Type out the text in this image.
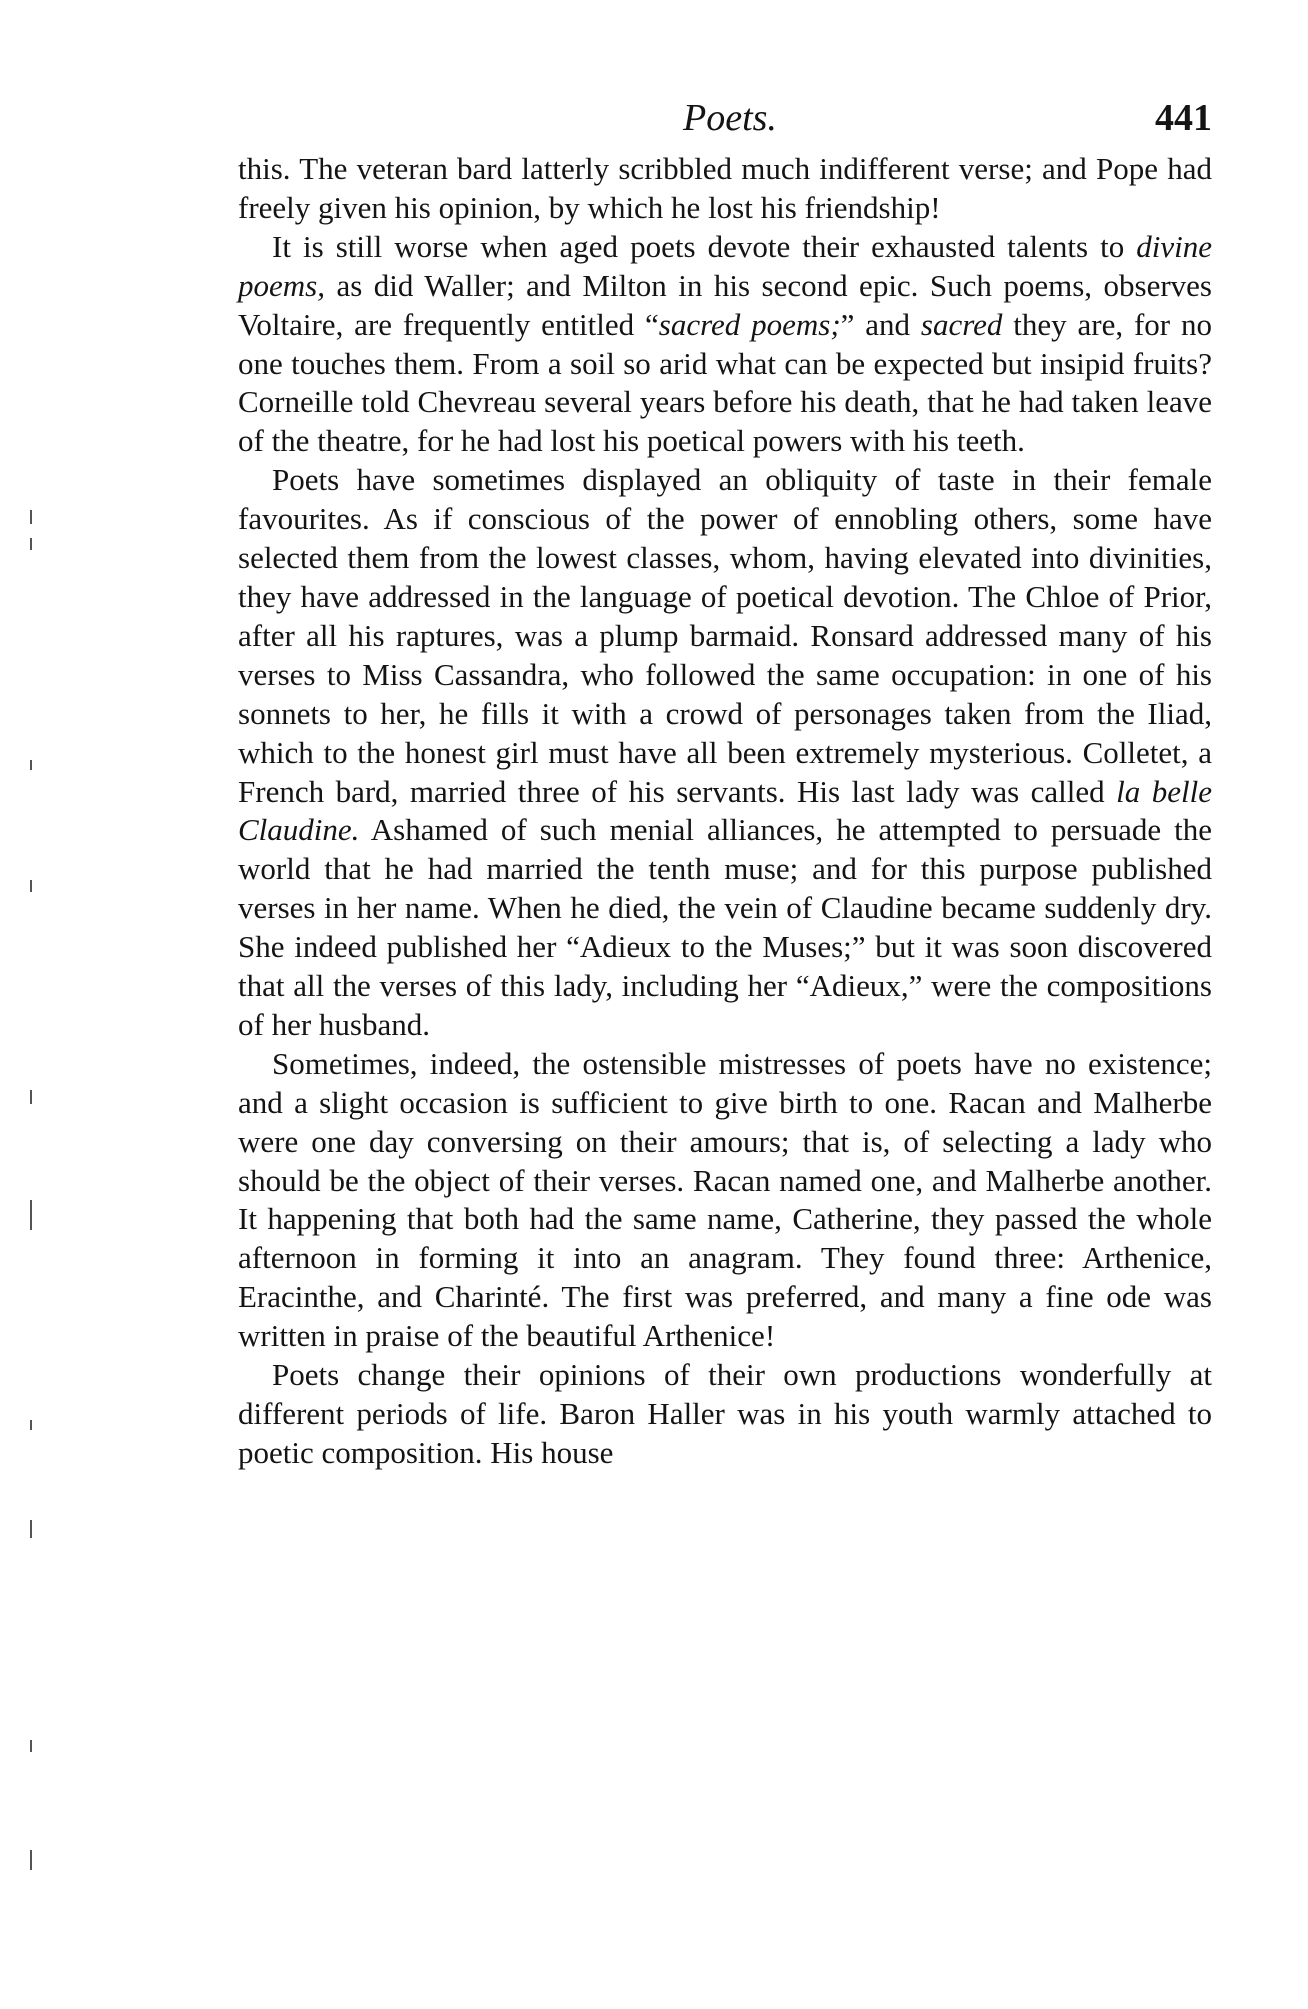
Poets.	441

this. The veteran bard latterly scribbled much indifferent verse; and Pope had freely given his opinion, by which he lost his friendship!

It is still worse when aged poets devote their exhausted talents to divine poems, as did Waller; and Milton in his second epic. Such poems, observes Voltaire, are frequently entitled “sacred poems;” and sacred they are, for no one touches them. From a soil so arid what can be expected but insipid fruits? Corneille told Chevreau several years before his death, that he had taken leave of the theatre, for he had lost his poetical powers with his teeth.

Poets have sometimes displayed an obliquity of taste in their female favourites. As if conscious of the power of ennobling others, some have selected them from the lowest classes, whom, having elevated into divinities, they have addressed in the language of poetical devotion. The Chloe of Prior, after all his raptures, was a plump barmaid. Ronsard addressed many of his verses to Miss Cassandra, who followed the same occupation: in one of his sonnets to her, he fills it with a crowd of personages taken from the Iliad, which to the honest girl must have all been extremely mysterious. Colletet, a French bard, married three of his servants. His last lady was called la belle Claudine. Ashamed of such menial alliances, he attempted to persuade the world that he had married the tenth muse; and for this purpose published verses in her name. When he died, the vein of Claudine became suddenly dry. She indeed published her “Adieux to the Muses;” but it was soon discovered that all the verses of this lady, including her “Adieux,” were the compositions of her husband.

Sometimes, indeed, the ostensible mistresses of poets have no existence; and a slight occasion is sufficient to give birth to one. Racan and Malherbe were one day conversing on their amours; that is, of selecting a lady who should be the object of their verses. Racan named one, and Malherbe another. It happening that both had the same name, Catherine, they passed the whole afternoon in forming it into an anagram. They found three: Arthenice, Eracinthe, and Charinté. The first was preferred, and many a fine ode was written in praise of the beautiful Arthenice!

Poets change their opinions of their own productions wonderfully at different periods of life. Baron Haller was in his youth warmly attached to poetic composition. His house
